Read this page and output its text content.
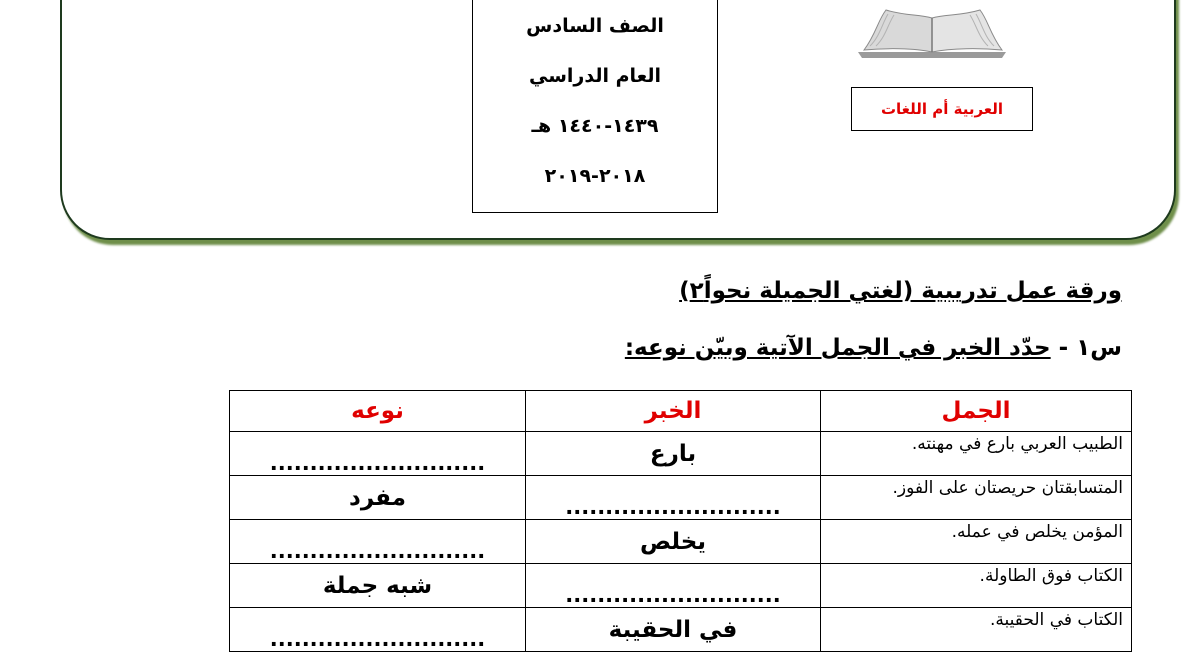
الصف السادس
العام الدراسي
١٤٣٩-١٤٤٠ هـ
٢٠١٨-٢٠١٩
العربية أم اللغات
ورقة عمل تدريبية (لغتي الجميلة نحواً٢)
س١ - حدّد الخبر في الجمل الآتية وبيّن نوعه:
الجمل	الخبر	نوعه
الطبيب العربي بارع في مهنته.	بارع	...........................
المتسابقتان حريصتان على الفوز.	...........................	مفرد
المؤمن يخلص في عمله.	يخلص	...........................
الكتاب فوق الطاولة.	...........................	شبه جملة
الكتاب في الحقيبة.	في الحقيبة	...........................
